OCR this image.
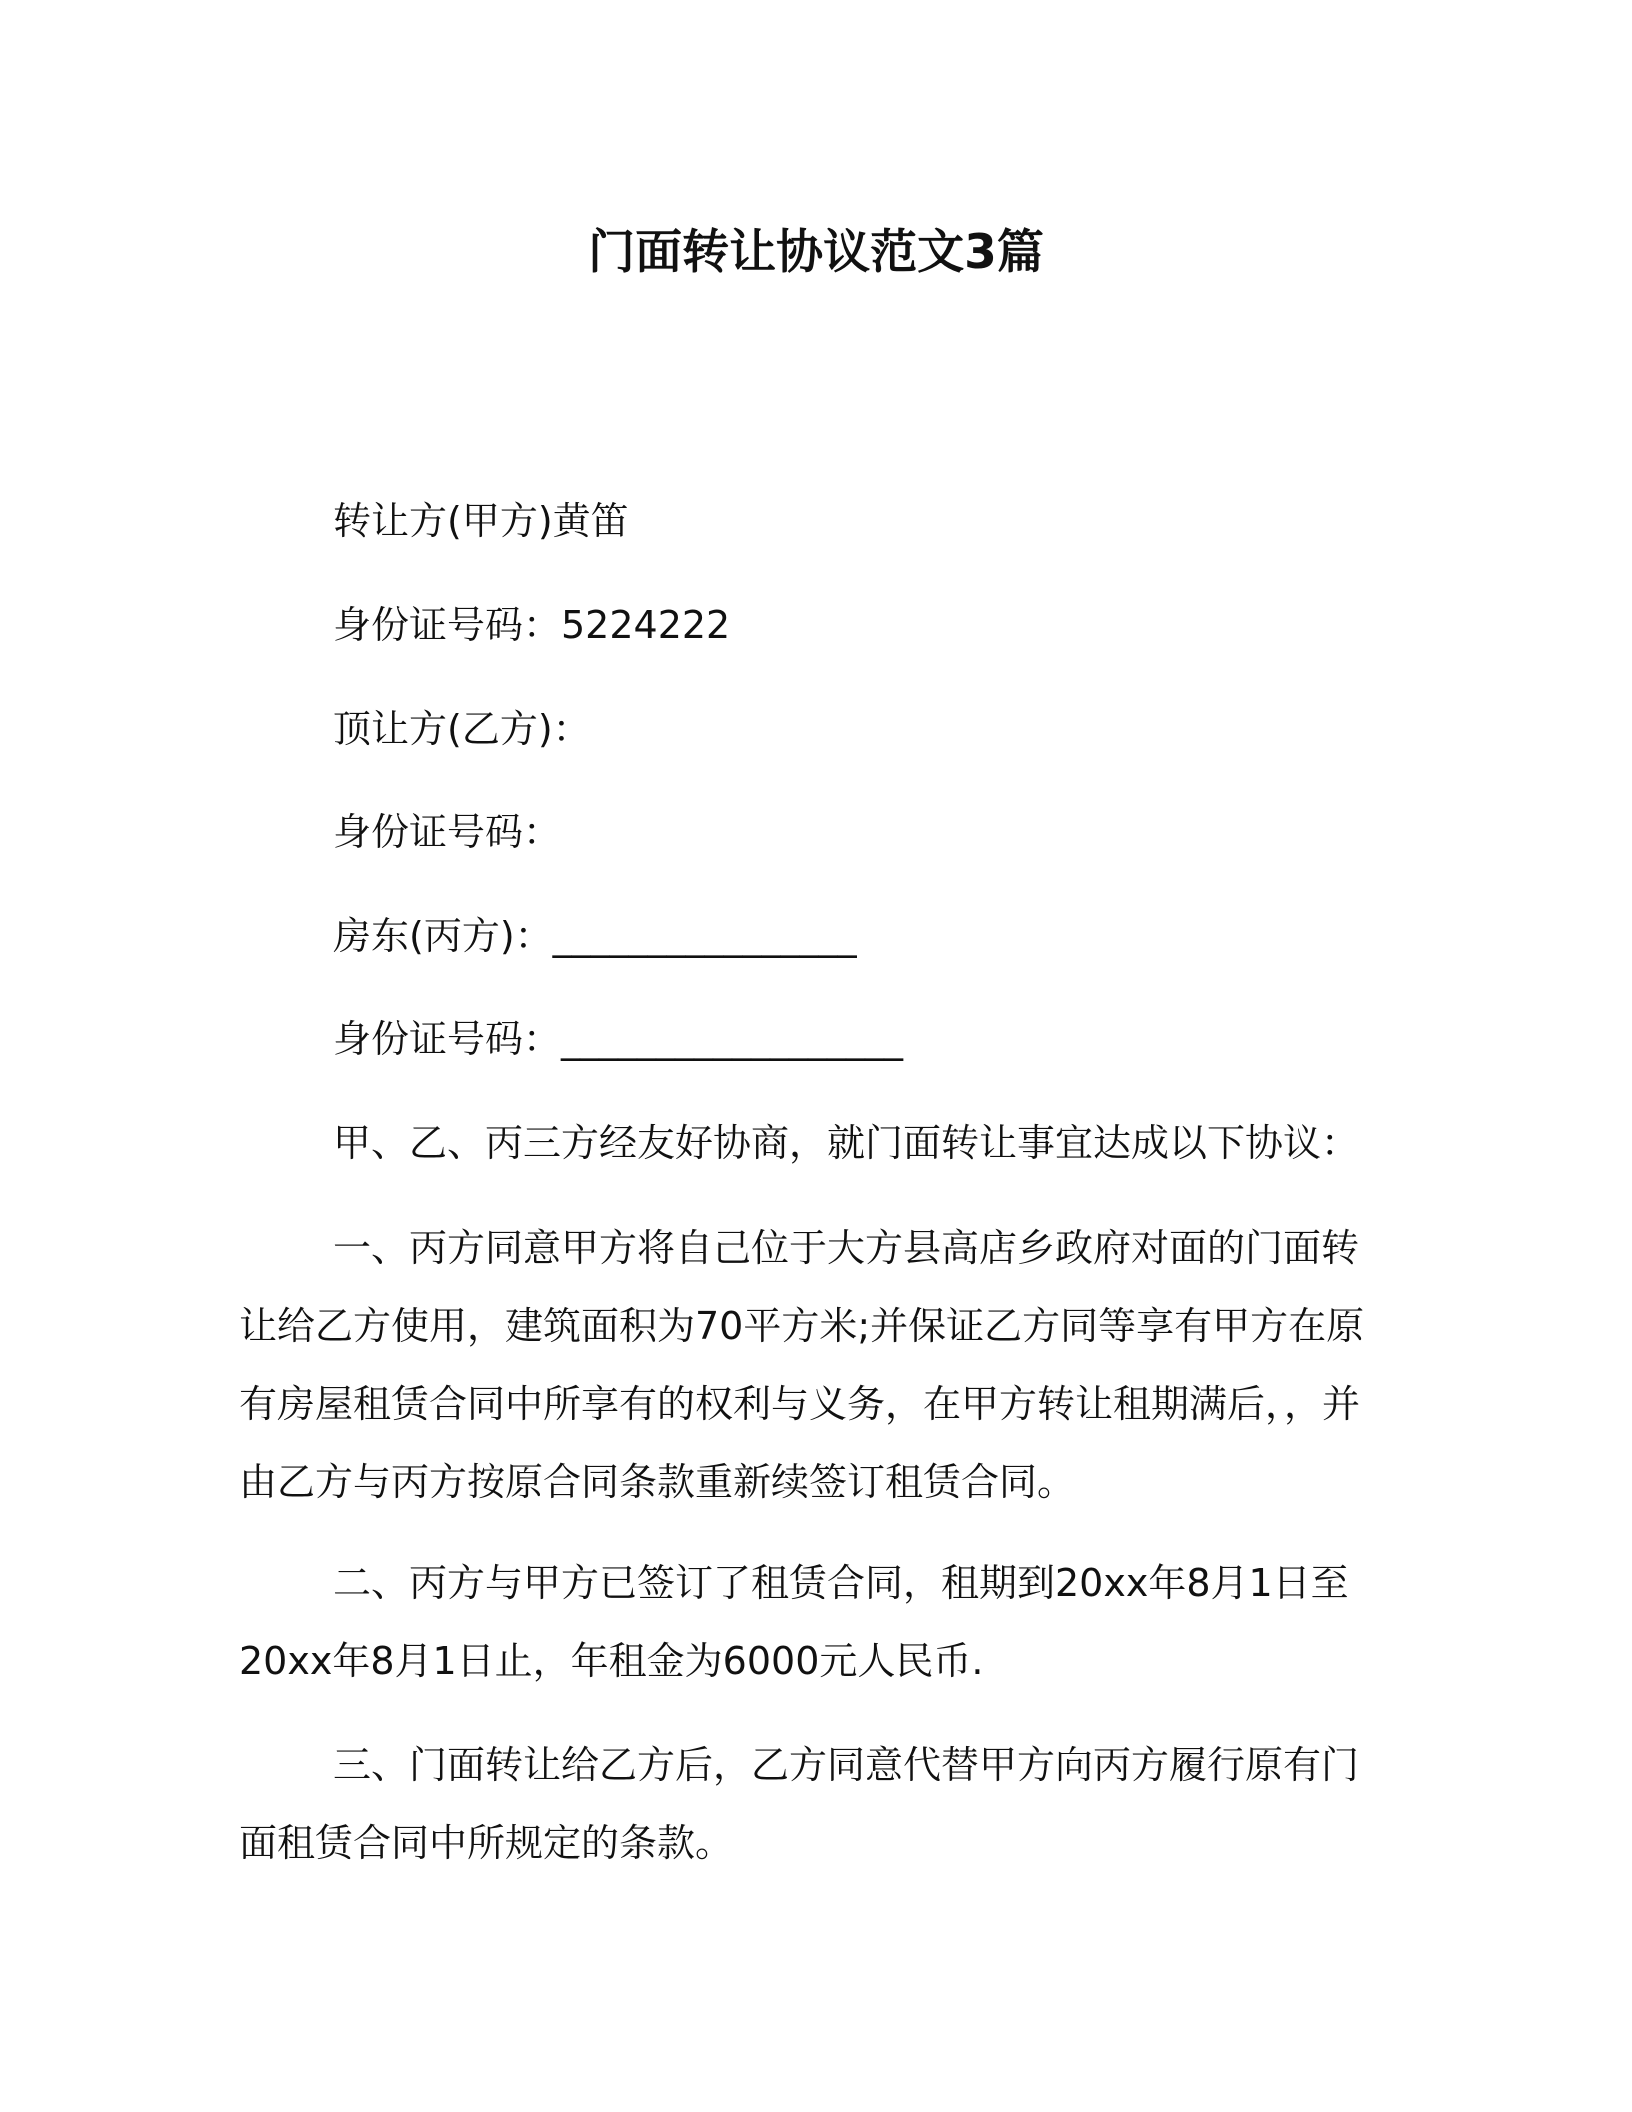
门面转让协议范文3篇
转让方(甲方)黄笛
身份证号码：5224222
顶让方(乙方)：
身份证号码：
房东(丙方)：________________
身份证号码：__________________
甲、乙、丙三方经友好协商，就门面转让事宜达成以下协议：
一、丙方同意甲方将自己位于大方县高店乡政府对面的门面转让给乙方使用，建筑面积为70平方米;并保证乙方同等享有甲方在原有房屋租赁合同中所享有的权利与义务，在甲方转让租期满后，，并由乙方与丙方按原合同条款重新续签订租赁合同。
二、丙方与甲方已签订了租赁合同，租期到20xx年8月1日至20xx年8月1日止，年租金为6000元人民币.
三、门面转让给乙方后，乙方同意代替甲方向丙方履行原有门面租赁合同中所规定的条款。
